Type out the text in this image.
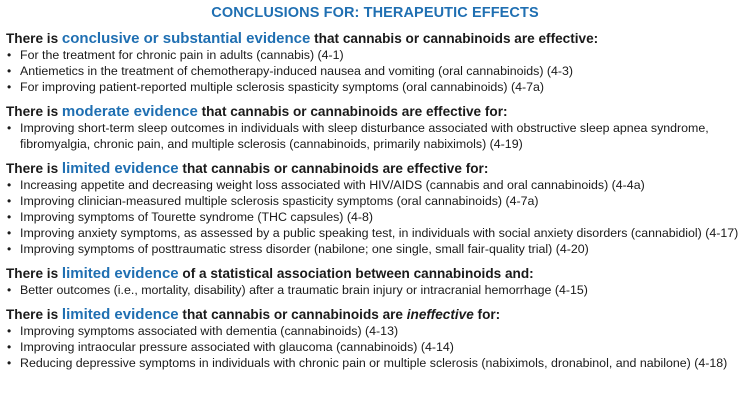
CONCLUSIONS FOR: THERAPEUTIC EFFECTS
There is conclusive or substantial evidence that cannabis or cannabinoids are effective:
• For the treatment for chronic pain in adults (cannabis) (4-1)
• Antiemetics in the treatment of chemotherapy-induced nausea and vomiting (oral cannabinoids) (4-3)
• For improving patient-reported multiple sclerosis spasticity symptoms (oral cannabinoids) (4-7a)
There is moderate evidence that cannabis or cannabinoids are effective for:
• Improving short-term sleep outcomes in individuals with sleep disturbance associated with obstructive sleep apnea syndrome, fibromyalgia, chronic pain, and multiple sclerosis (cannabinoids, primarily nabiximols) (4-19)
There is limited evidence that cannabis or cannabinoids are effective for:
• Increasing appetite and decreasing weight loss associated with HIV/AIDS (cannabis and oral cannabinoids) (4-4a)
• Improving clinician-measured multiple sclerosis spasticity symptoms (oral cannabinoids) (4-7a)
• Improving symptoms of Tourette syndrome (THC capsules) (4-8)
• Improving anxiety symptoms, as assessed by a public speaking test, in individuals with social anxiety disorders (cannabidiol) (4-17)
• Improving symptoms of posttraumatic stress disorder (nabilone; one single, small fair-quality trial) (4-20)
There is limited evidence of a statistical association between cannabinoids and:
• Better outcomes (i.e., mortality, disability) after a traumatic brain injury or intracranial hemorrhage (4-15)
There is limited evidence that cannabis or cannabinoids are ineffective for:
• Improving symptoms associated with dementia (cannabinoids) (4-13)
• Improving intraocular pressure associated with glaucoma (cannabinoids) (4-14)
• Reducing depressive symptoms in individuals with chronic pain or multiple sclerosis (nabiximols, dronabinol, and nabilone) (4-18)
